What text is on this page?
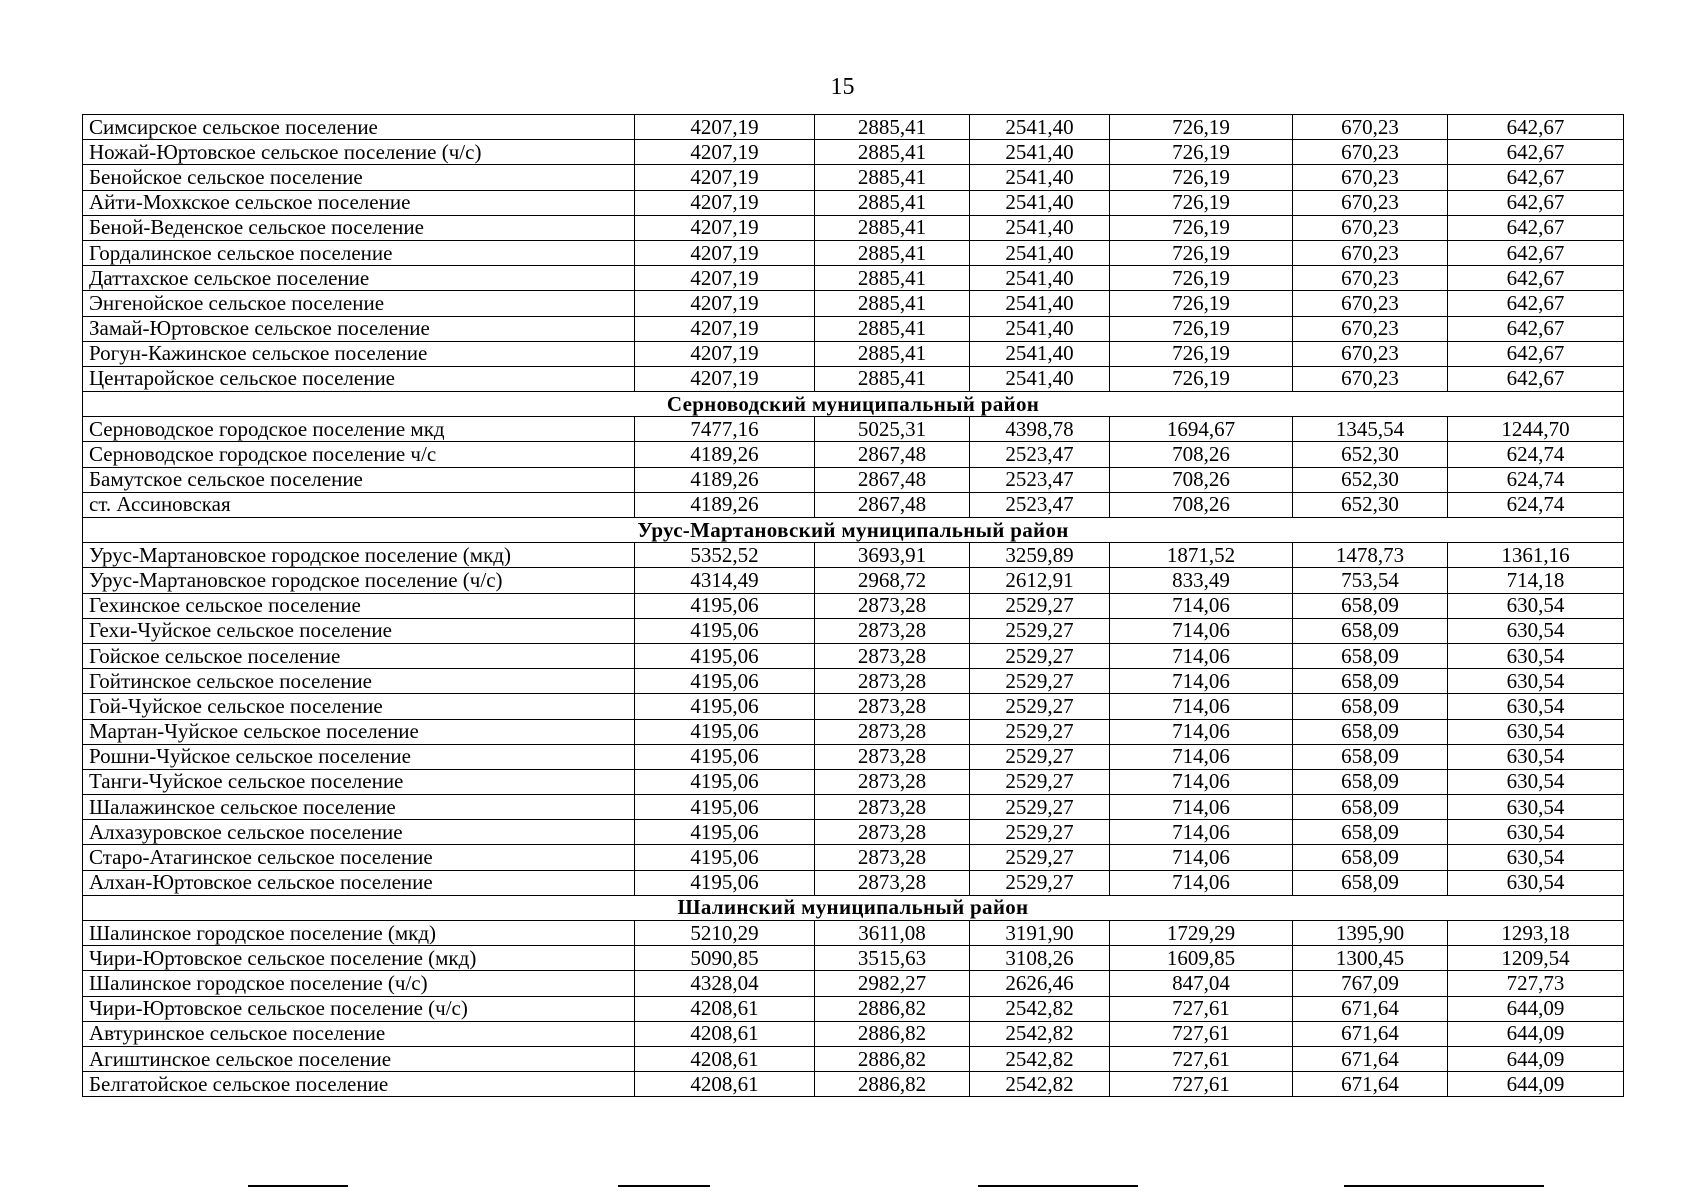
15
Симсирское сельское поселение	4207,19	2885,41	2541,40	726,19	670,23	642,67
Ножай-Юртовское сельское поселение (ч/с)	4207,19	2885,41	2541,40	726,19	670,23	642,67
Бенойское сельское поселение	4207,19	2885,41	2541,40	726,19	670,23	642,67
Айти-Мохкское сельское поселение	4207,19	2885,41	2541,40	726,19	670,23	642,67
Беной-Веденское сельское поселение	4207,19	2885,41	2541,40	726,19	670,23	642,67
Гордалинское сельское поселение	4207,19	2885,41	2541,40	726,19	670,23	642,67
Даттахское сельское поселение	4207,19	2885,41	2541,40	726,19	670,23	642,67
Энгенойское сельское поселение	4207,19	2885,41	2541,40	726,19	670,23	642,67
Замай-Юртовское сельское поселение	4207,19	2885,41	2541,40	726,19	670,23	642,67
Рогун-Кажинское сельское поселение	4207,19	2885,41	2541,40	726,19	670,23	642,67
Центаройское сельское поселение	4207,19	2885,41	2541,40	726,19	670,23	642,67
Серноводский муниципальный район						
Серноводское городское поселение мкд	7477,16	5025,31	4398,78	1694,67	1345,54	1244,70
Серноводское городское поселение ч/с	4189,26	2867,48	2523,47	708,26	652,30	624,74
Бамутское сельское поселение	4189,26	2867,48	2523,47	708,26	652,30	624,74
ст. Ассиновская	4189,26	2867,48	2523,47	708,26	652,30	624,74
Урус-Мартановский муниципальный район						
Урус-Мартановское городское поселение (мкд)	5352,52	3693,91	3259,89	1871,52	1478,73	1361,16
Урус-Мартановское городское поселение (ч/с)	4314,49	2968,72	2612,91	833,49	753,54	714,18
Гехинское сельское поселение	4195,06	2873,28	2529,27	714,06	658,09	630,54
Гехи-Чуйское сельское поселение	4195,06	2873,28	2529,27	714,06	658,09	630,54
Гойское сельское поселение	4195,06	2873,28	2529,27	714,06	658,09	630,54
Гойтинское сельское поселение	4195,06	2873,28	2529,27	714,06	658,09	630,54
Гой-Чуйское сельское поселение	4195,06	2873,28	2529,27	714,06	658,09	630,54
Мартан-Чуйское сельское поселение	4195,06	2873,28	2529,27	714,06	658,09	630,54
Рошни-Чуйское сельское поселение	4195,06	2873,28	2529,27	714,06	658,09	630,54
Танги-Чуйское сельское поселение	4195,06	2873,28	2529,27	714,06	658,09	630,54
Шалажинское сельское поселение	4195,06	2873,28	2529,27	714,06	658,09	630,54
Алхазуровское сельское поселение	4195,06	2873,28	2529,27	714,06	658,09	630,54
Старо-Атагинское сельское поселение	4195,06	2873,28	2529,27	714,06	658,09	630,54
Алхан-Юртовское сельское поселение	4195,06	2873,28	2529,27	714,06	658,09	630,54
Шалинский муниципальный район						
Шалинское городское поселение (мкд)	5210,29	3611,08	3191,90	1729,29	1395,90	1293,18
Чири-Юртовское сельское поселение (мкд)	5090,85	3515,63	3108,26	1609,85	1300,45	1209,54
Шалинское городское поселение (ч/с)	4328,04	2982,27	2626,46	847,04	767,09	727,73
Чири-Юртовское сельское поселение (ч/с)	4208,61	2886,82	2542,82	727,61	671,64	644,09
Автуринское сельское поселение	4208,61	2886,82	2542,82	727,61	671,64	644,09
Агиштинское сельское поселение	4208,61	2886,82	2542,82	727,61	671,64	644,09
Белгатойское сельское поселение	4208,61	2886,82	2542,82	727,61	671,64	644,09
